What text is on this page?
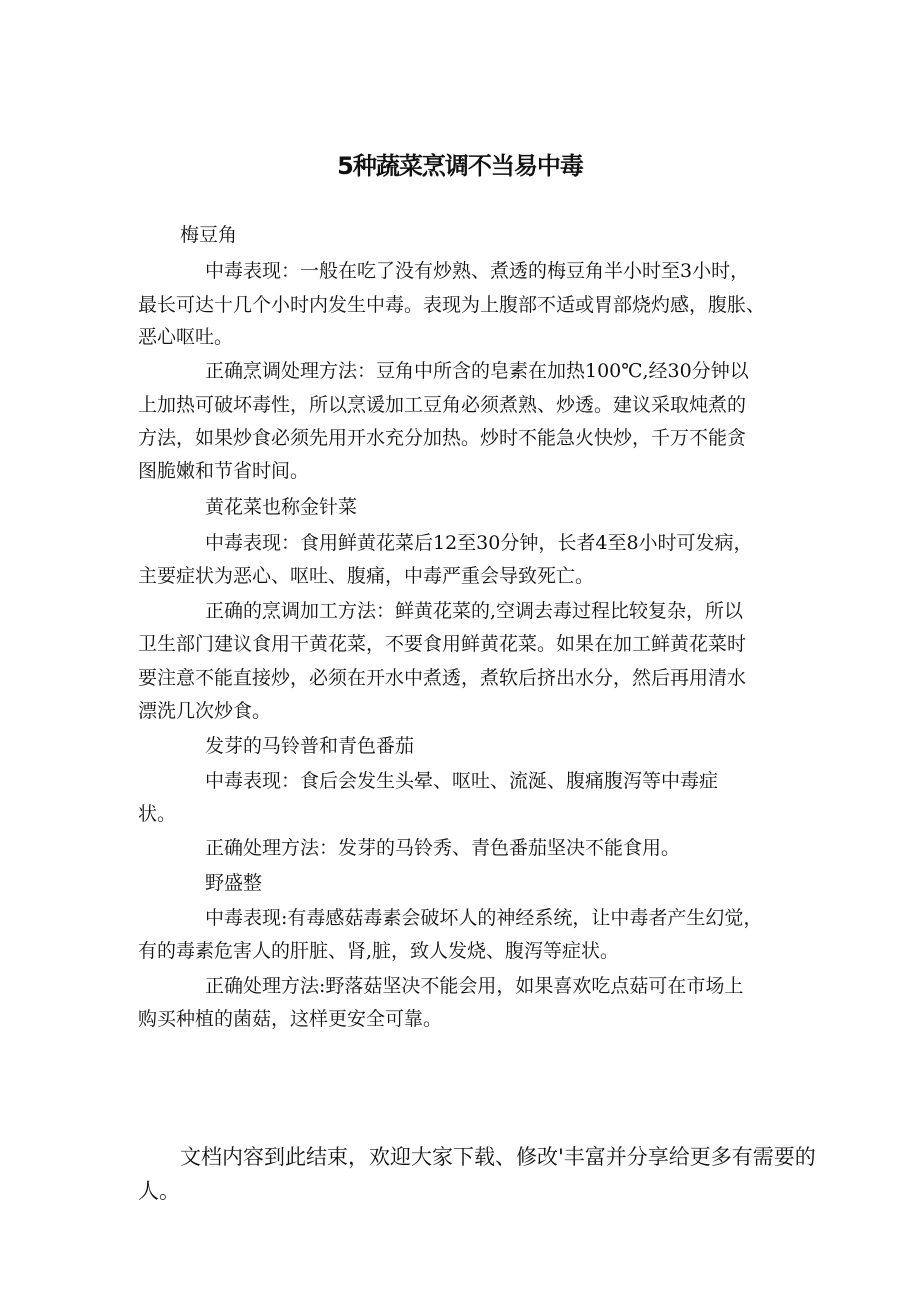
5种蔬菜烹调不当易中毒

梅豆角

中毒表现：一般在吃了没有炒熟、煮透的梅豆角半小时至3小时，

最长可达十几个小时内发生中毒。表现为上腹部不适或胃部烧灼感，腹胀、

恶心呕吐。

正确烹调处理方法：豆角中所含的皂素在加热100℃,经30分钟以

上加热可破坏毒性，所以烹谖加工豆角必须煮熟、炒透。建议采取炖煮的

方法，如果炒食必须先用开水充分加热。炒时不能急火快炒，千万不能贪

图脆嫩和节省时间。

黄花菜也称金针菜

中毒表现：食用鲜黄花菜后12至30分钟，长者4至8小时可发病，

主要症状为恶心、呕吐、腹痛，中毒严重会导致死亡。

正确的烹调加工方法：鲜黄花菜的,空调去毒过程比较复杂，所以

卫生部门建议食用干黄花菜，不要食用鲜黄花菜。如果在加工鲜黄花菜时

要注意不能直接炒，必须在开水中煮透，煮软后挤出水分，然后再用清水

漂洗几次炒食。

发芽的马铃普和青色番茄

中毒表现：食后会发生头晕、呕吐、流涎、腹痛腹泻等中毒症

状。

正确处理方法：发芽的马铃秀、青色番茄坚决不能食用。

野盛整

中毒表现:有毒感菇毒素会破坏人的神经系统，让中毒者产生幻觉，

有的毒素危害人的肝脏、肾,脏，致人发烧、腹泻等症状。

正确处理方法:野落菇坚决不能会用，如果喜欢吃点菇可在市场上

购买种植的菌菇，这样更安全可靠。

文档内容到此结束，欢迎大家下载、修改'丰富并分享给更多有需要的

人。
